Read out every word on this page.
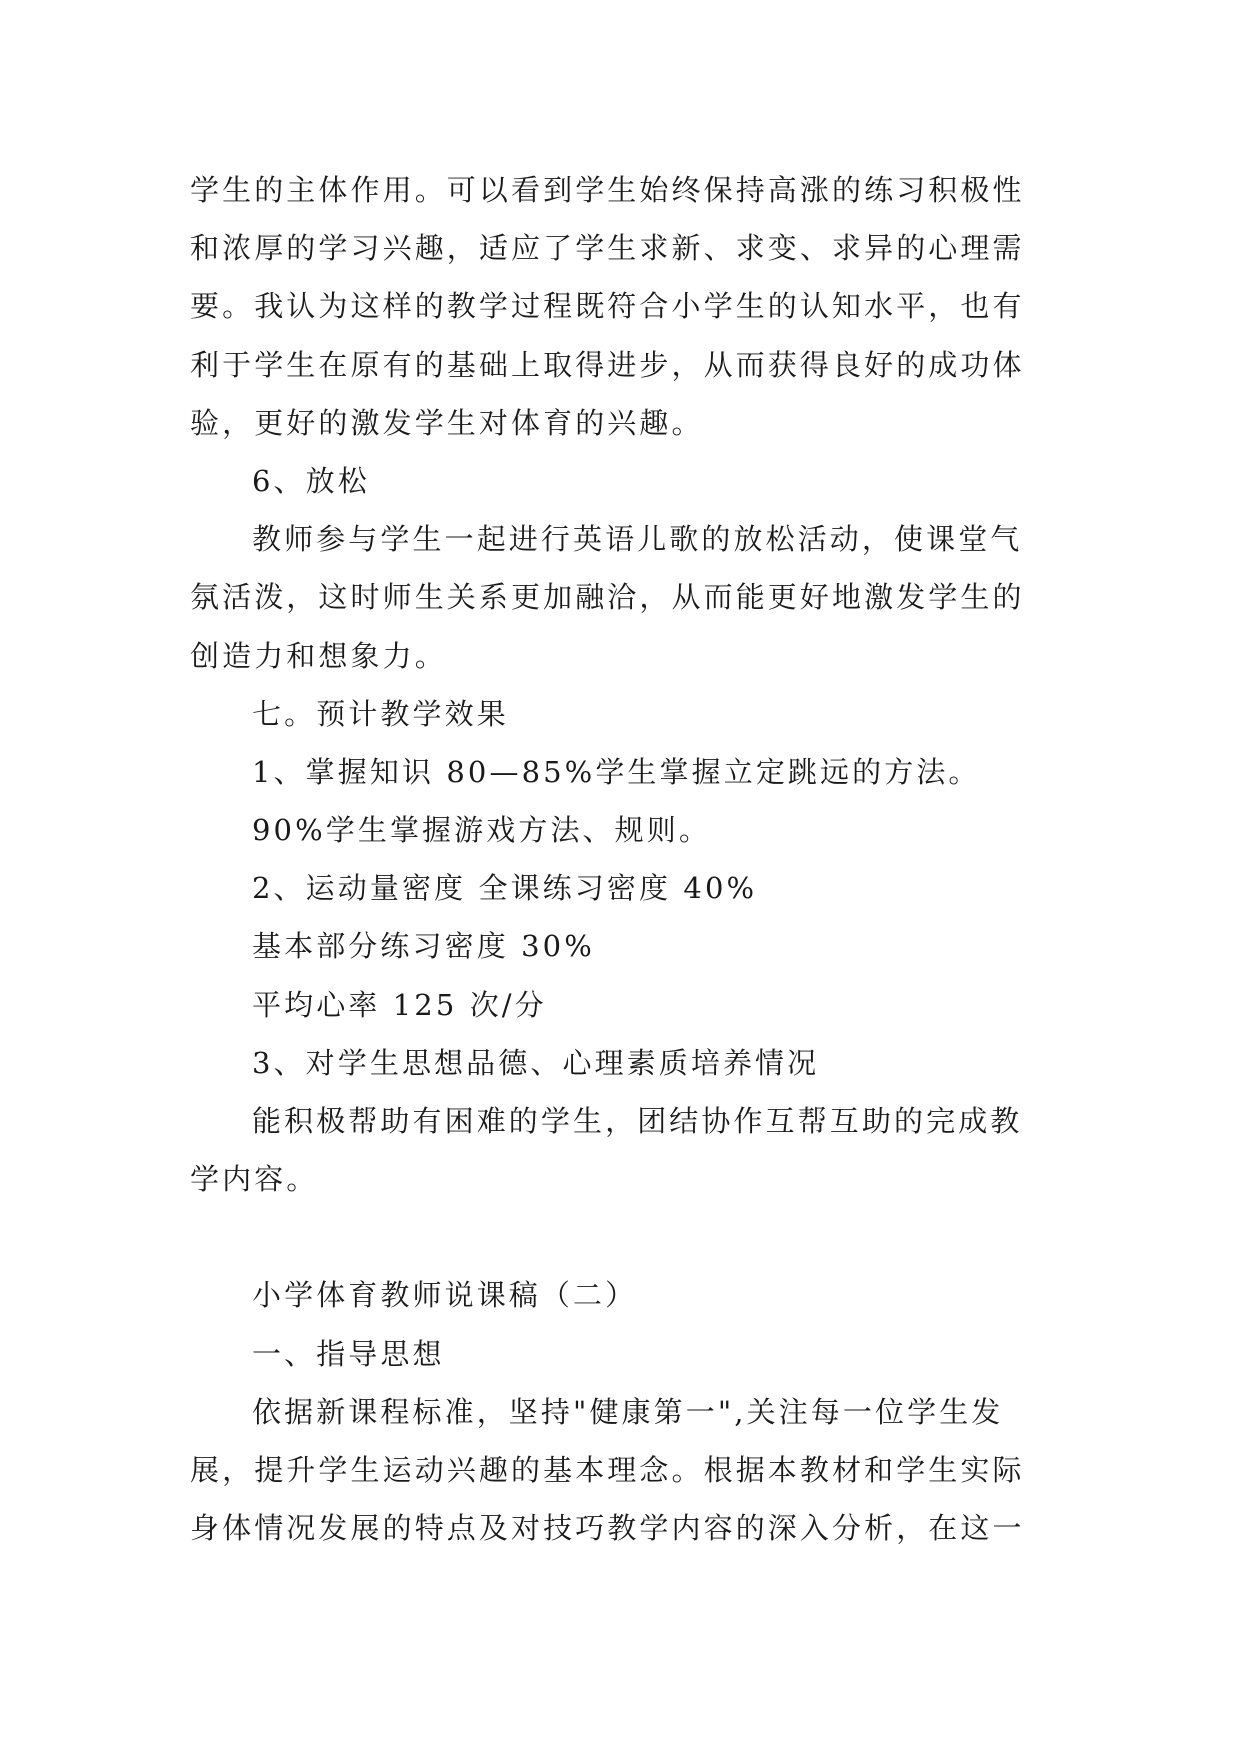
学生的主体作用。可以看到学生始终保持高涨的练习积极性
和浓厚的学习兴趣，适应了学生求新、求变、求异的心理需
要。我认为这样的教学过程既符合小学生的认知水平，也有
利于学生在原有的基础上取得进步，从而获得良好的成功体
验，更好的激发学生对体育的兴趣。
6、放松
教师参与学生一起进行英语儿歌的放松活动，使课堂气
氛活泼，这时师生关系更加融洽，从而能更好地激发学生的
创造力和想象力。
七。预计教学效果
1、掌握知识 80—85%学生掌握立定跳远的方法。
90%学生掌握游戏方法、规则。
2、运动量密度 全课练习密度 40%
基本部分练习密度 30%
平均心率 125 次/分
3、对学生思想品德、心理素质培养情况
能积极帮助有困难的学生，团结协作互帮互助的完成教
学内容。
小学体育教师说课稿（二）
一、指导思想
依据新课程标准，坚持"健康第一",关注每一位学生发
展，提升学生运动兴趣的基本理念。根据本教材和学生实际
身体情况发展的特点及对技巧教学内容的深入分析，在这一
